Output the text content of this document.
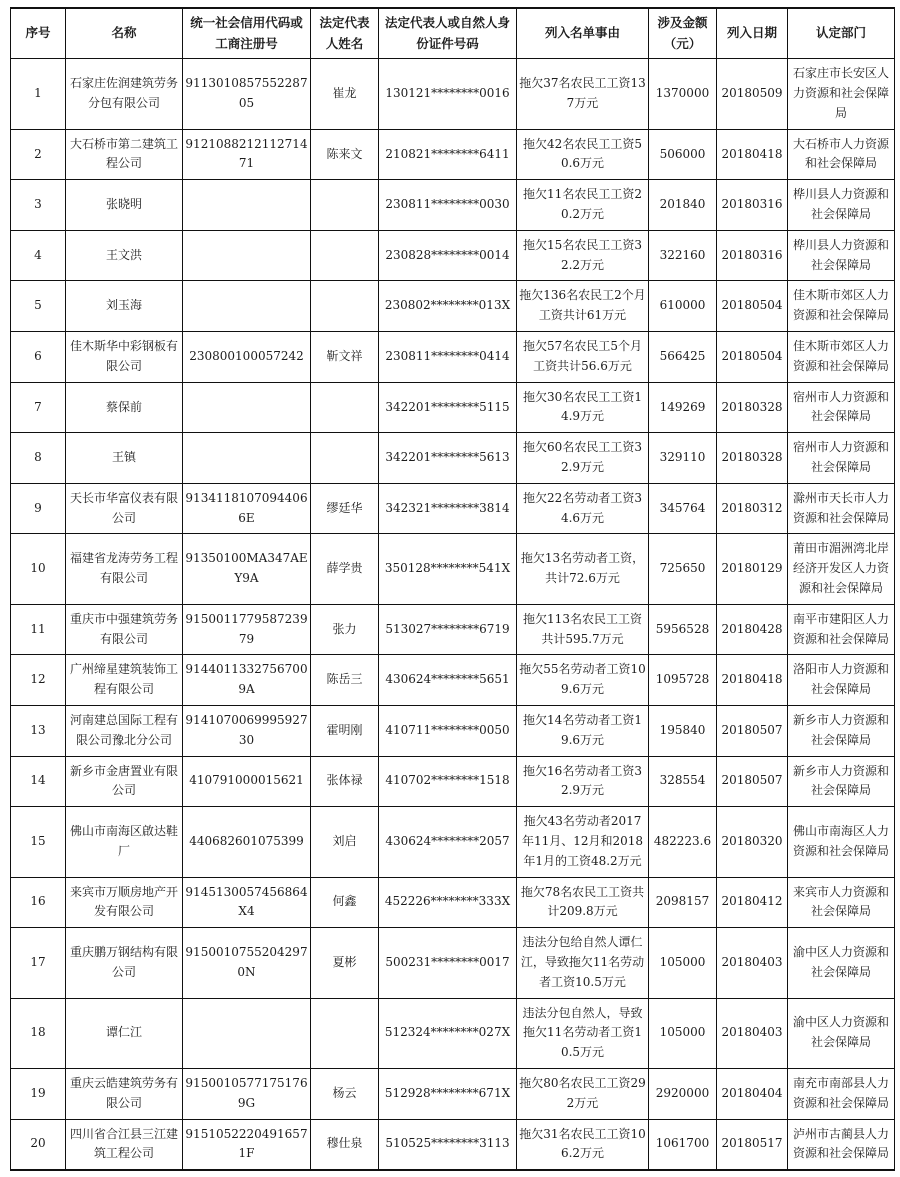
序号	名称	统一社会信用代码或工商注册号	法定代表 人姓名	法定代表人或自然人身份证件号码	列入名单事由	涉及金额（元）	列入日期	认定部门
1	石家庄佐润建筑劳务分包有限公司	911301085755228705	崔龙	130121********0016	拖欠37名农民工工资137万元	1370000	20180509	石家庄市长安区人力资源和社会保障局
2	大石桥市第二建筑工程公司	912108821211271471	陈来文	210821********6411	拖欠42名农民工工资50.6万元	506000	20180418	大石桥市人力资源和社会保障局
3	张晓明			230811********0030	拖欠11名农民工工资20.2万元	201840	20180316	桦川县人力资源和社会保障局
4	王文洪			230828********0014	拖欠15名农民工工资32.2万元	322160	20180316	桦川县人力资源和社会保障局
5	刘玉海			230802********013X	拖欠136名农民工2个月工资共计61万元	610000	20180504	佳木斯市郊区人力资源和社会保障局
6	佳木斯华中彩钢板有限公司	230800100057242	靳文祥	230811********0414	拖欠57名农民工5个月工资共计56.6万元	566425	20180504	佳木斯市郊区人力资源和社会保障局
7	蔡保前			342201********5115	拖欠30名农民工工资14.9万元	149269	20180328	宿州市人力资源和社会保障局
8	王镇			342201********5613	拖欠60名农民工工资32.9万元	329110	20180328	宿州市人力资源和社会保障局
9	天长市华富仪表有限公司	91341181070944066E	缪廷华	342321********3814	拖欠22名劳动者工资34.6万元	345764	20180312	滁州市天长市人力资源和社会保障局
10	福建省龙涛劳务工程有限公司	91350100MA347AEY9A	薛学贵	350128********541X	拖欠13名劳动者工资，共计72.6万元	725650	20180129	莆田市湄洲湾北岸经济开发区人力资源和社会保障局
11	重庆市中强建筑劳务有限公司	915001177958723979	张力	513027********6719	拖欠113名农民工工资共计595.7万元	5956528	20180428	南平市建阳区人力资源和社会保障局
12	广州缔星建筑装饰工程有限公司	91440113327567009A	陈岳三	430624********5651	拖欠55名劳动者工资109.6万元	1095728	20180418	洛阳市人力资源和社会保障局
13	河南建总国际工程有限公司豫北分公司	914107006999592730	霍明刚	410711********0050	拖欠14名劳动者工资19.6万元	195840	20180507	新乡市人力资源和社会保障局
14	新乡市金唐置业有限公司	410791000015621	张体禄	410702********1518	拖欠16名劳动者工资32.9万元	328554	20180507	新乡市人力资源和社会保障局
15	佛山市南海区啟达鞋厂	440682601075399	刘启	430624********2057	拖欠43名劳动者2017年11月、12月和2018年1月的工资48.2万元	482223.6	20180320	佛山市南海区人力资源和社会保障局
16	来宾市万顺房地产开发有限公司	9145130057456864X4	何鑫	452226********333X	拖欠78名农民工工资共计209.8万元	2098157	20180412	来宾市人力资源和社会保障局
17	重庆鹏万钢结构有限公司	91500107552042970N	夏彬	500231********0017	违法分包给自然人谭仁江，导致拖欠11名劳动者工资10.5万元	105000	20180403	渝中区人力资源和社会保障局
18	谭仁江			512324********027X	违法分包自然人，导致拖欠11名劳动者工资10.5万元	105000	20180403	渝中区人力资源和社会保障局
19	重庆云皓建筑劳务有限公司	91500105771751769G	杨云	512928********671X	拖欠80名农民工工资292万元	2920000	20180404	南充市南部县人力资源和社会保障局
20	四川省合江县三江建筑工程公司	91510522204916571F	穆仕泉	510525********3113	拖欠31名农民工工资106.2万元	1061700	20180517	泸州市古蔺县人力资源和社会保障局
